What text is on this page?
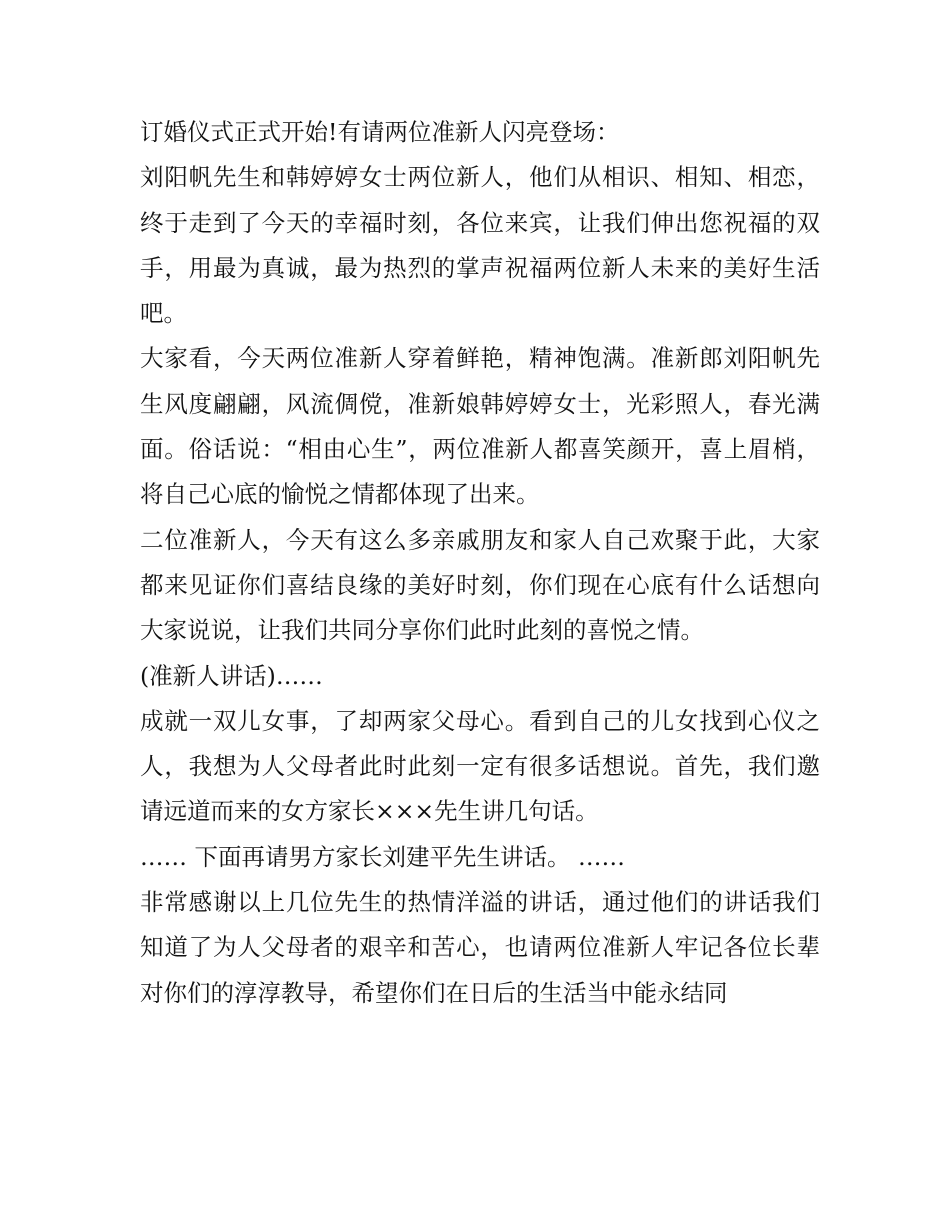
订婚仪式正式开始!有请两位准新人闪亮登场：

刘阳帆先生和韩婷婷女士两位新人，他们从相识、相知、相恋，终于走到了今天的幸福时刻，各位来宾，让我们伸出您祝福的双手，用最为真诚，最为热烈的掌声祝福两位新人未来的美好生活吧。

大家看，今天两位准新人穿着鲜艳，精神饱满。准新郎刘阳帆先生风度翩翩，风流倜傥，准新娘韩婷婷女士，光彩照人，春光满面。俗话说：“相由心生”，两位准新人都喜笑颜开，喜上眉梢，将自己心底的愉悦之情都体现了出来。

二位准新人，今天有这么多亲戚朋友和家人自己欢聚于此，大家都来见证你们喜结良缘的美好时刻，你们现在心底有什么话想向大家说说，让我们共同分享你们此时此刻的喜悦之情。

(准新人讲话)……

成就一双儿女事，了却两家父母心。看到自己的儿女找到心仪之人，我想为人父母者此时此刻一定有很多话想说。首先，我们邀请远道而来的女方家长×××先生讲几句话。

…… 下面再请男方家长刘建平先生讲话。 ……

非常感谢以上几位先生的热情洋溢的讲话，通过他们的讲话我们知道了为人父母者的艰辛和苦心，也请两位准新人牢记各位长辈对你们的淳淳教导，希望你们在日后的生活当中能永结同
